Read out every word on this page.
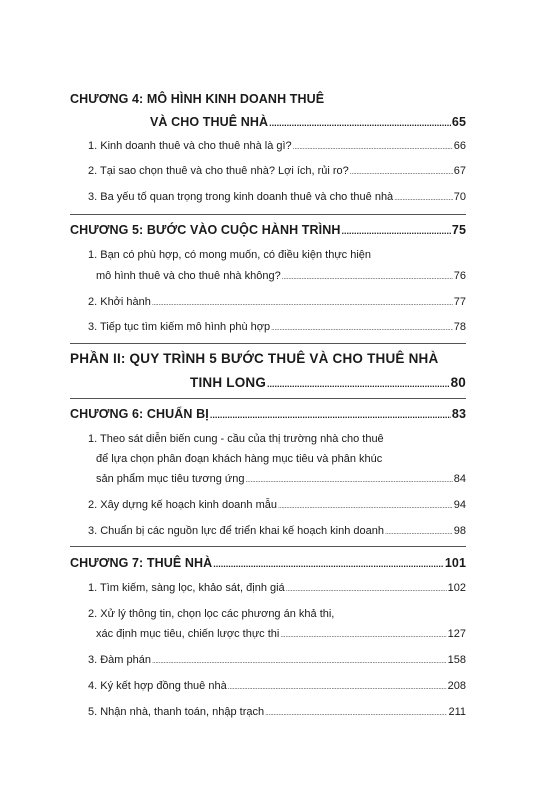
CHƯƠNG 4: MÔ HÌNH KINH DOANH THUÊ
VÀ CHO THUÊ NHÀ .....	65
1. Kinh doanh thuê và cho thuê nhà là gì? .....	66
2. Tại sao chọn thuê và cho thuê nhà? Lợi ích, rủi ro? .....	67
3. Ba yếu tố quan trọng trong kinh doanh thuê và cho thuê nhà .....	70
CHƯƠNG 5: BƯỚC VÀO CUỘC HÀNH TRÌNH .....	75
1. Bạn có phù hợp, có mong muốn, có điều kiện thực hiện
mô hình thuê và cho thuê nhà không? .....	76
2. Khởi hành .....	77
3. Tiếp tục tìm kiếm mô hình phù hợp .....	78
PHẦN II: QUY TRÌNH 5 BƯỚC THUÊ VÀ CHO THUÊ NHÀ
TINH LONG .....	80
CHƯƠNG 6: CHUẨN BỊ .....	83
1. Theo sát diễn biến cung - cầu của thị trường nhà cho thuê
để lựa chọn phân đoạn khách hàng mục tiêu và phân khúc
sản phẩm mục tiêu tương ứng .....	84
2. Xây dựng kế hoạch kinh doanh mẫu .....	94
3. Chuẩn bị các nguồn lực để triển khai kế hoạch kinh doanh .....	98
CHƯƠNG 7: THUÊ NHÀ .....	101
1. Tìm kiếm, sàng lọc, khảo sát, định giá .....	102
2. Xử lý thông tin, chọn lọc các phương án khả thi,
xác định mục tiêu, chiến lược thực thi .....	127
3. Đàm phán .....	158
4. Ký kết hợp đồng thuê nhà .....	208
5. Nhận nhà, thanh toán, nhập trạch .....	211
